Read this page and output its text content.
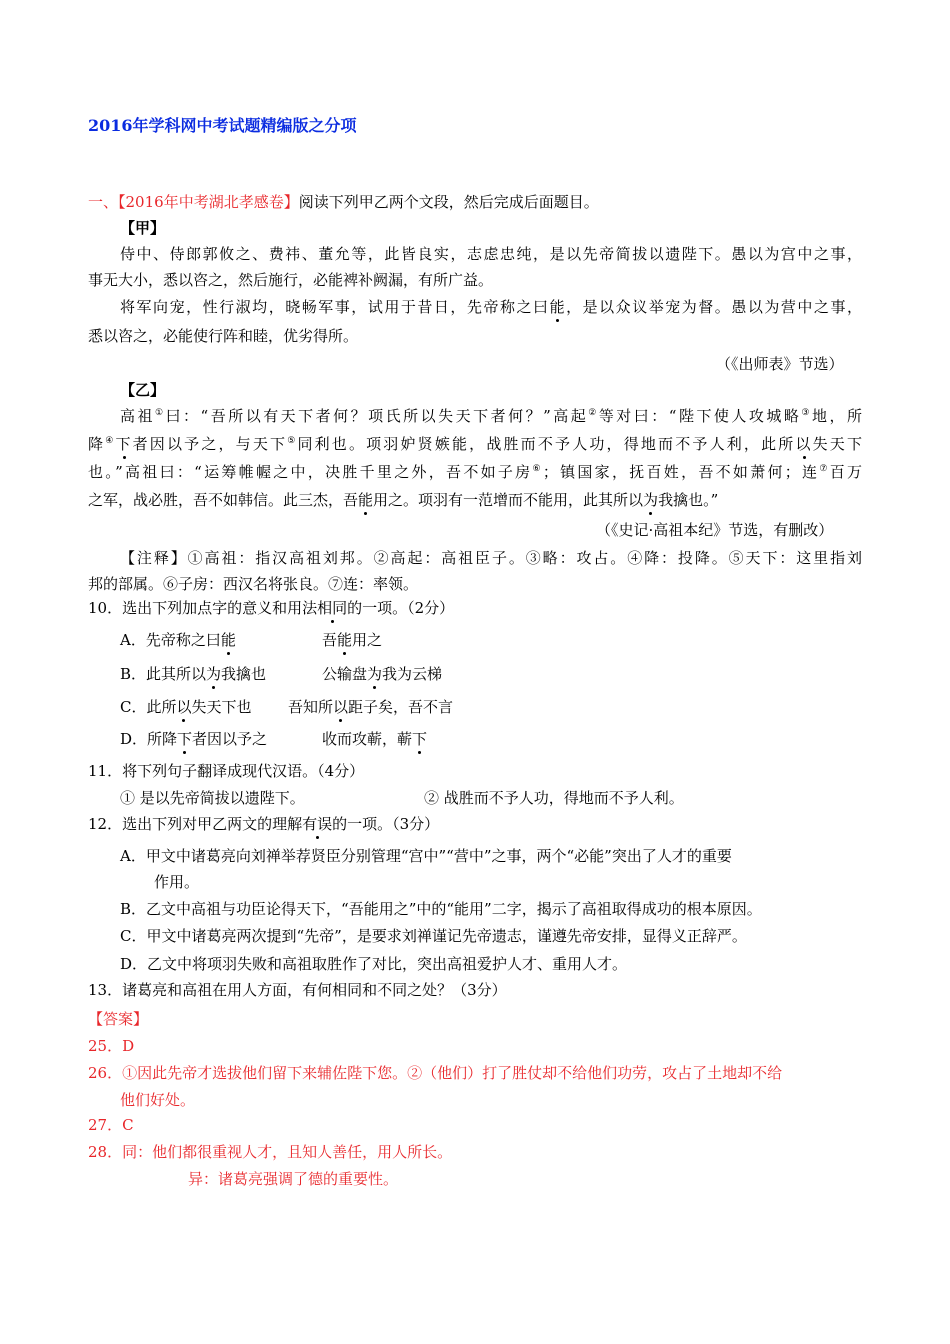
2016年学科网中考试题精编版之分项
一、【2016年中考湖北孝感卷】阅读下列甲乙两个文段，然后完成后面题目。
【甲】
侍中、侍郎郭攸之、费祎、董允等，此皆良实，志虑忠纯，是以先帝简拔以遗陛下。愚以为宫中之事，
事无大小，悉以咨之，然后施行，必能裨补阙漏，有所广益。
将军向宠，性行淑均，晓畅军事，试用于昔日，先帝称之曰能，是以众议举宠为督。愚以为营中之事，
悉以咨之，必能使行阵和睦，优劣得所。
（《出师表》节选）
【乙】
高祖①曰：“吾所以有天下者何？项氏所以失天下者何？”高起②等对曰：“陛下使人攻城略③地，所
降④下者因以予之，与天下⑤同利也。项羽妒贤嫉能，战胜而不予人功，得地而不予人利，此所以失天下
也。”高祖曰：“运筹帷幄之中，决胜千里之外，吾不如子房⑥；镇国家，抚百姓，吾不如萧何；连⑦百万
之军，战必胜，吾不如韩信。此三杰，吾能用之。项羽有一范增而不能用，此其所以为我擒也。”
（《史记·高祖本纪》节选，有删改）
【注释】①高祖：指汉高祖刘邦。②高起：高祖臣子。③略：攻占。④降：投降。⑤天下：这里指刘
邦的部属。⑥子房：西汉名将张良。⑦连：率领。
10．选出下列加点字的意义和用法相同的一项。（2分）
A．先帝称之曰能	吾能用之
B．此其所以为我擒也	公输盘为我为云梯
C．此所以失天下也 吾知所以距子矣，吾不言
D．所降下者因以予之	收而攻蕲，蕲下
11．将下列句子翻译成现代汉语。（4分）
① 是以先帝简拔以遗陛下。	② 战胜而不予人功，得地而不予人利。
12．选出下列对甲乙两文的理解有误的一项。（3分）
A．甲文中诸葛亮向刘禅举荐贤臣分别管理“宫中”“营中”之事，两个“必能”突出了人才的重要
作用。
B．乙文中高祖与功臣论得天下，“吾能用之”中的“能用”二字，揭示了高祖取得成功的根本原因。
C．甲文中诸葛亮两次提到“先帝”，是要求刘禅谨记先帝遗志，谨遵先帝安排，显得义正辞严。
D．乙文中将项羽失败和高祖取胜作了对比，突出高祖爱护人才、重用人才。
13．诸葛亮和高祖在用人方面，有何相同和不同之处？（3分）
【答案】
25．D
26．①因此先帝才选拔他们留下来辅佐陛下您。②（他们）打了胜仗却不给他们功劳，攻占了土地却不给
他们好处。
27．C
28．同：他们都很重视人才，且知人善任，用人所长。
异：诸葛亮强调了德的重要性。
